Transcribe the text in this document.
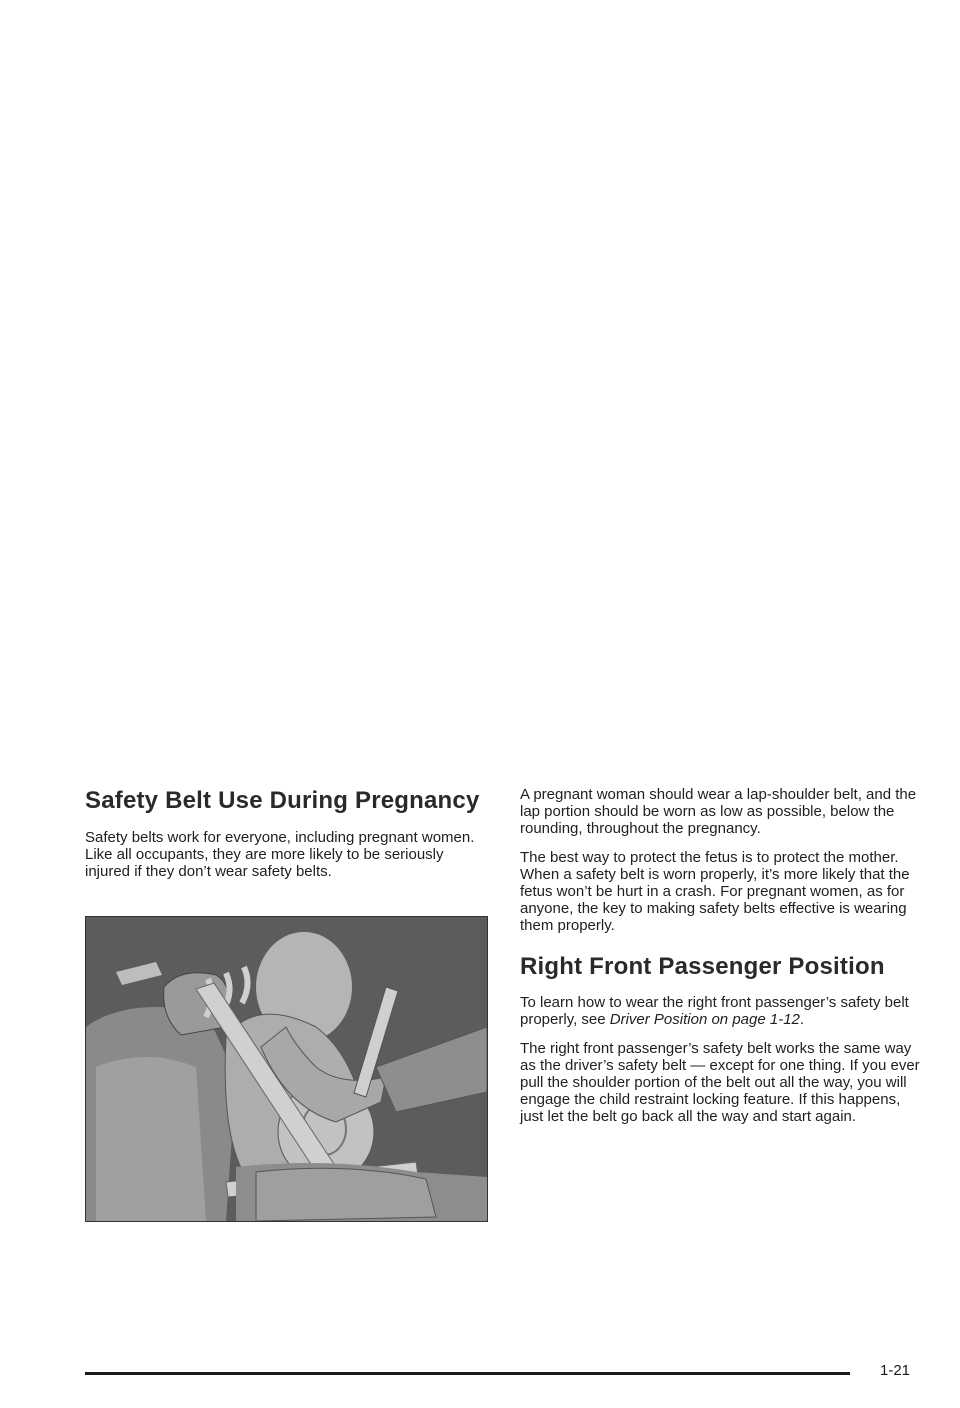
Safety Belt Use During Pregnancy

Safety belts work for everyone, including pregnant women. Like all occupants, they are more likely to be seriously injured if they don’t wear safety belts.

A pregnant woman should wear a lap-shoulder belt, and the lap portion should be worn as low as possible, below the rounding, throughout the pregnancy.

The best way to protect the fetus is to protect the mother. When a safety belt is worn properly, it’s more likely that the fetus won’t be hurt in a crash. For pregnant women, as for anyone, the key to making safety belts effective is wearing them properly.

Right Front Passenger Position

To learn how to wear the right front passenger’s safety belt properly, see Driver Position on page 1-12.

The right front passenger’s safety belt works the same way as the driver’s safety belt — except for one thing. If you ever pull the shoulder portion of the belt out all the way, you will engage the child restraint locking feature. If this happens, just let the belt go back all the way and start again.

1-21
